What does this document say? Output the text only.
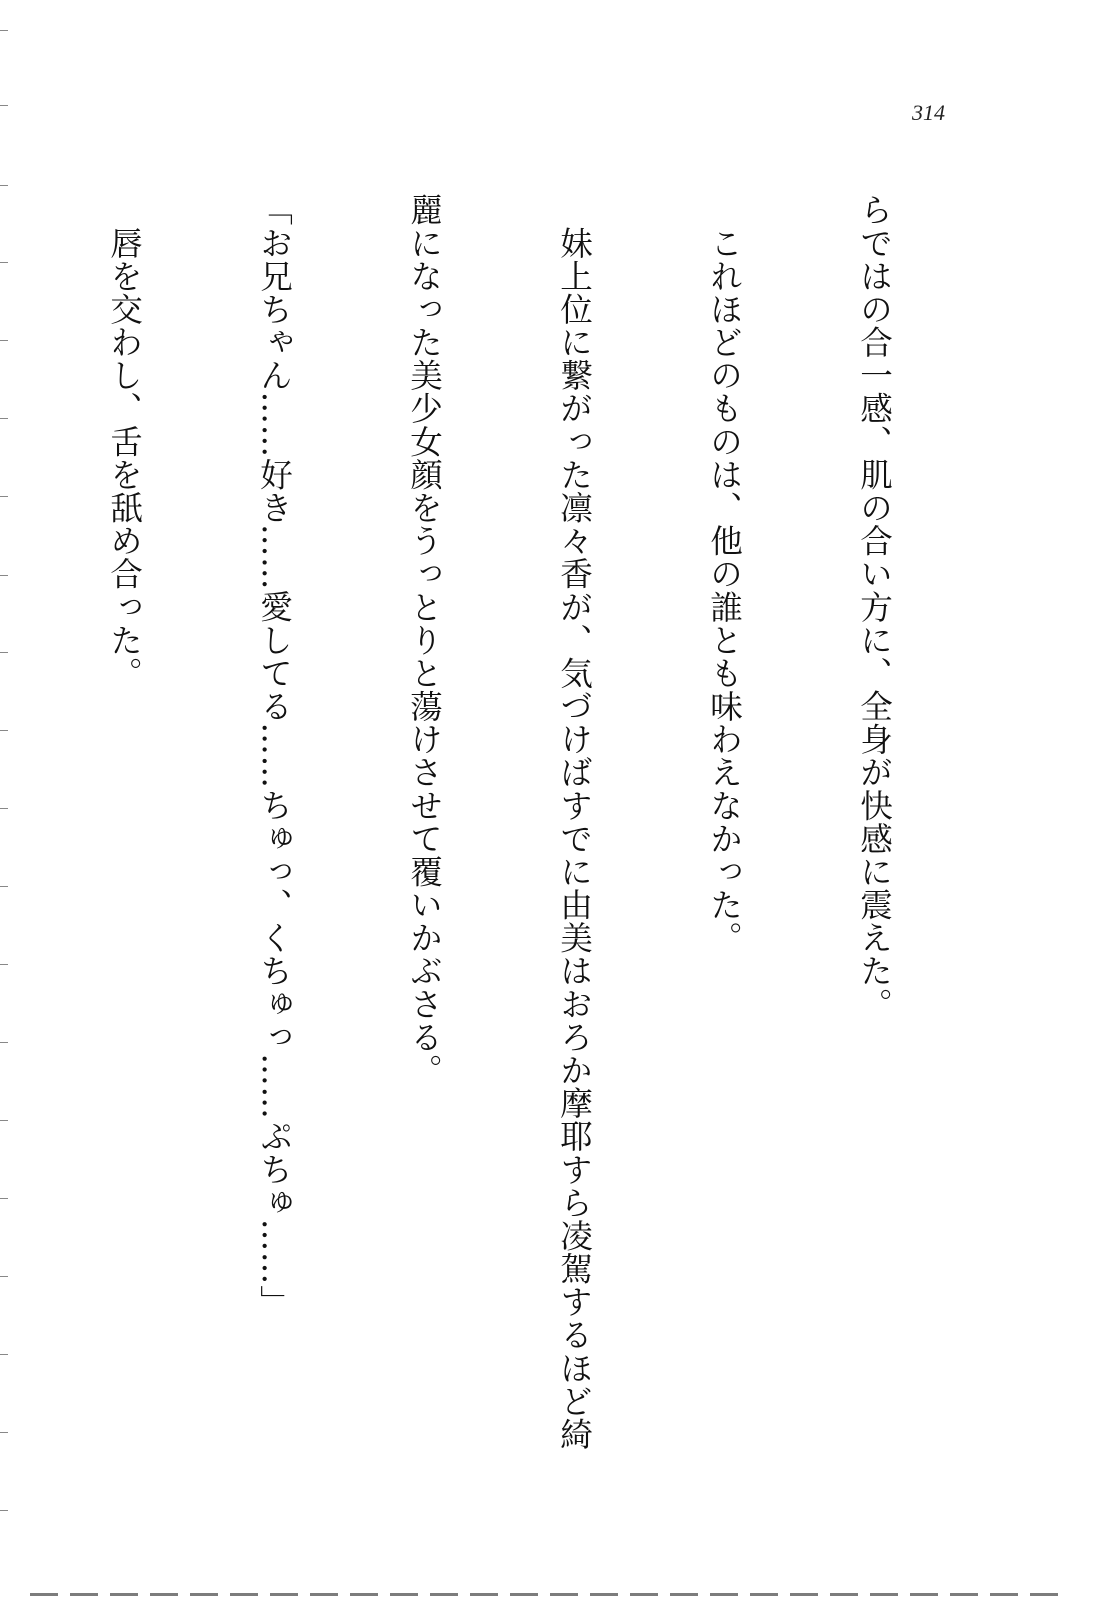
314

らではの合一感、肌の合い方に、全身が快感に震えた。

　これほどのものは、他の誰とも味わえなかった。

　妹上位に繋がった凛々香が、気づけばすでに由美はおろか摩耶すら凌駕するほど綺

麗になった美少女顔をうっとりと蕩けさせて覆いかぶさる。

「お兄ちゃん……好き……愛してる……ちゅっ、くちゅっ……ぷちゅ……」

　唇を交わし、舌を舐め合った。
